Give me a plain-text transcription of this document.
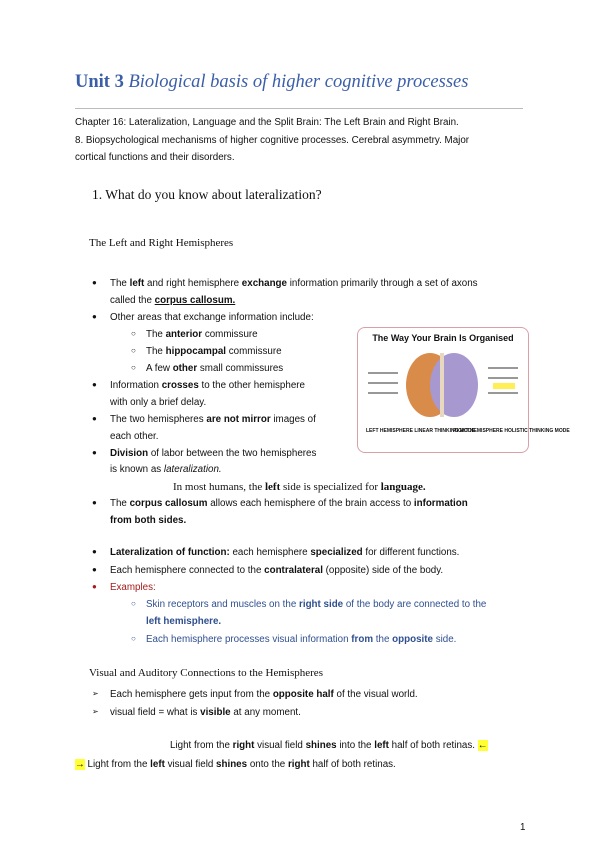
Unit 3 Biological basis of higher cognitive processes
Chapter 16: Lateralization, Language and the Split Brain: The Left Brain and Right Brain.
8. Biopsychological mechanisms of higher cognitive processes. Cerebral asymmetry. Major
cortical functions and their disorders.
1. What do you know about lateralization?
The Left and Right Hemispheres
The Way Your Brain Is Organised
LEFT HEMISPHERE LINEAR THINKING MODE
RIGHT HEMISPHERE HOLISTIC THINKING MODE
● The left and right hemisphere exchange information primarily through a set of axons
called the corpus callosum.
● Other areas that exchange information include:
○ The anterior commissure
○ The hippocampal commissure
○ A few other small commissures
● Information crosses to the other hemisphere
with only a brief delay.
● The two hemispheres are not mirror images of
each other.
● Division of labor between the two hemispheres
is known as lateralization.
● The corpus callosum allows each hemisphere of the brain access to information
from both sides.
● Lateralization of function: each hemisphere specialized for different functions.
● Each hemisphere connected to the contralateral (opposite) side of the body.
● Examples:
○ Skin receptors and muscles on the right side of the body are connected to the
left hemisphere.
○ Each hemisphere processes visual information from the opposite side.
➢ Each hemisphere gets input from the opposite half of the visual world.
➢ visual field = what is visible at any moment.
Light from the right visual field shines into the left half of both retinas. ←
→ Light from the left visual field shines onto the right half of both retinas.
In most humans, the left side is specialized for language.
Visual and Auditory Connections to the Hemispheres
1
